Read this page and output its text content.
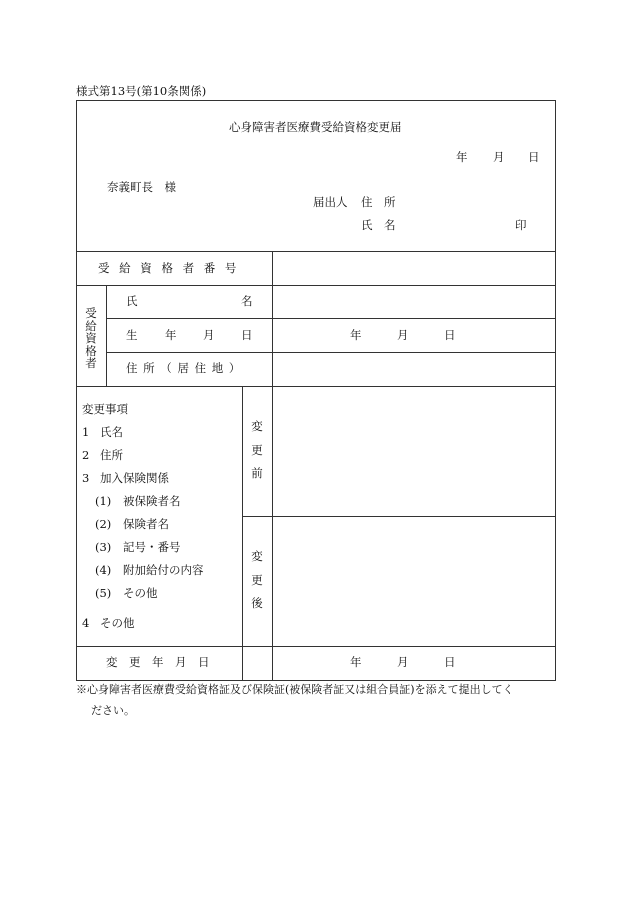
様式第13号(第10条関係)
心身障害者医療費受給資格変更届
年 月 日
奈義町長　様
届出人 住　所
氏　名	印
受 給 資 格 者 番 号
受
給
資
格
者
氏	名
生 年 月 日	年	月	日
住 所 （ 居 住 地 ）
変更事項
1 氏名
2 住所
3 加入保険関係
(1) 被保険者名
(2) 保険者名
(3) 記号・番号
(4) 附加給付の内容
(5) その他
4 その他
変
更
前
変
更
後
変　更　年　月　日	年	月	日
※心身障害者医療費受給資格証及び保険証(被保険者証又は組合員証)を添えて提出してく
ださい。
